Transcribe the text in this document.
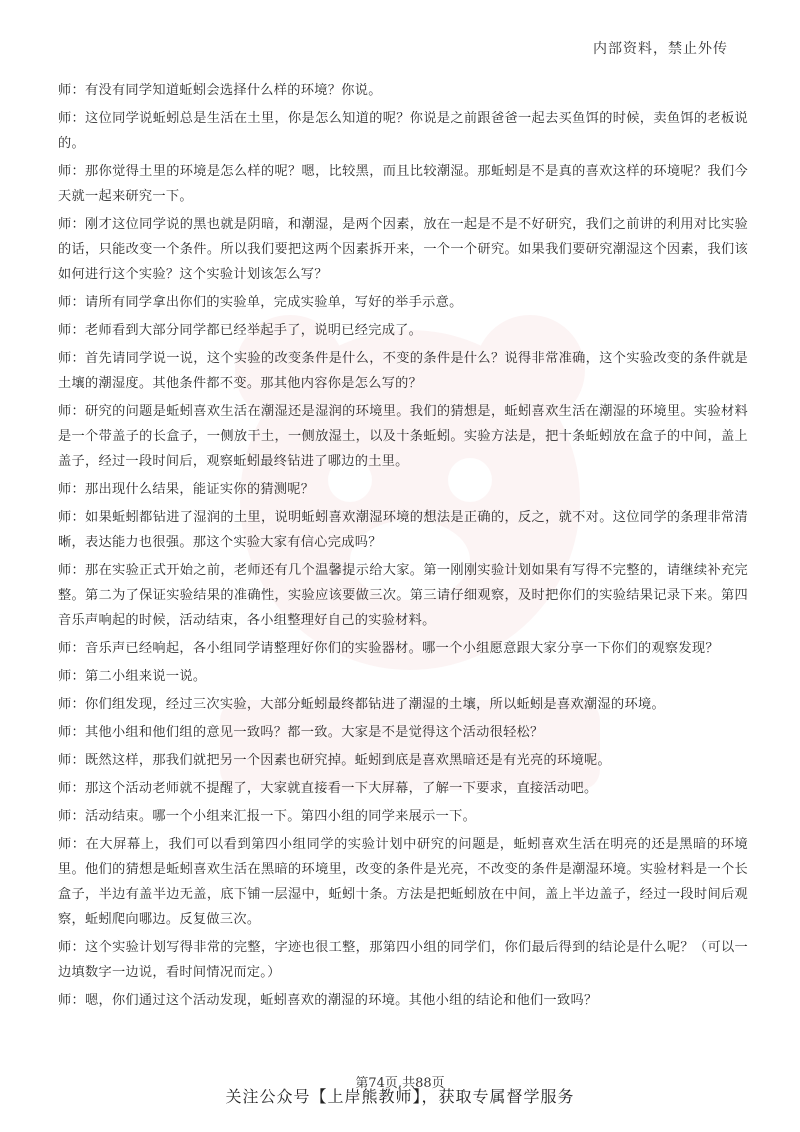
内部资料，禁止外传

师：有没有同学知道蚯蚓会选择什么样的环境？你说。

师：这位同学说蚯蚓总是生活在土里，你是怎么知道的呢？你说是之前跟爸爸一起去买鱼饵的时候，卖鱼饵的老板说的。

师：那你觉得土里的环境是怎么样的呢？嗯，比较黑，而且比较潮湿。那蚯蚓是不是真的喜欢这样的环境呢？我们今天就一起来研究一下。

师：刚才这位同学说的黑也就是阴暗，和潮湿，是两个因素，放在一起是不是不好研究，我们之前讲的利用对比实验的话，只能改变一个条件。所以我们要把这两个因素拆开来，一个一个研究。如果我们要研究潮湿这个因素，我们该如何进行这个实验？这个实验计划该怎么写？

师：请所有同学拿出你们的实验单，完成实验单，写好的举手示意。

师：老师看到大部分同学都已经举起手了，说明已经完成了。

师：首先请同学说一说，这个实验的改变条件是什么，不变的条件是什么？说得非常准确，这个实验改变的条件就是土壤的潮湿度。其他条件都不变。那其他内容你是怎么写的？

师：研究的问题是蚯蚓喜欢生活在潮湿还是湿润的环境里。我们的猜想是，蚯蚓喜欢生活在潮湿的环境里。实验材料是一个带盖子的长盒子，一侧放干土，一侧放湿土，以及十条蚯蚓。实验方法是，把十条蚯蚓放在盒子的中间，盖上盖子，经过一段时间后，观察蚯蚓最终钻进了哪边的土里。

师：那出现什么结果，能证实你的猜测呢？

师：如果蚯蚓都钻进了湿润的土里，说明蚯蚓喜欢潮湿环境的想法是正确的，反之，就不对。这位同学的条理非常清晰，表达能力也很强。那这个实验大家有信心完成吗？

师：那在实验正式开始之前，老师还有几个温馨提示给大家。第一刚刚实验计划如果有写得不完整的，请继续补充完整。第二为了保证实验结果的准确性，实验应该要做三次。第三请仔细观察，及时把你们的实验结果记录下来。第四音乐声响起的时候，活动结束，各小组整理好自己的实验材料。

师：音乐声已经响起，各小组同学请整理好你们的实验器材。哪一个小组愿意跟大家分享一下你们的观察发现？

师：第二小组来说一说。

师：你们组发现，经过三次实验，大部分蚯蚓最终都钻进了潮湿的土壤，所以蚯蚓是喜欢潮湿的环境。

师：其他小组和他们组的意见一致吗？都一致。大家是不是觉得这个活动很轻松？

师：既然这样，那我们就把另一个因素也研究掉。蚯蚓到底是喜欢黑暗还是有光亮的环境呢。

师：那这个活动老师就不提醒了，大家就直接看一下大屏幕，了解一下要求，直接活动吧。

师：活动结束。哪一个小组来汇报一下。第四小组的同学来展示一下。

师：在大屏幕上，我们可以看到第四小组同学的实验计划中研究的问题是，蚯蚓喜欢生活在明亮的还是黑暗的环境里。他们的猜想是蚯蚓喜欢生活在黑暗的环境里，改变的条件是光亮，不改变的条件是潮湿环境。实验材料是一个长盒子，半边有盖半边无盖，底下铺一层湿中，蚯蚓十条。方法是把蚯蚓放在中间，盖上半边盖子，经过一段时间后观察，蚯蚓爬向哪边。反复做三次。

师：这个实验计划写得非常的完整，字迹也很工整，那第四小组的同学们，你们最后得到的结论是什么呢？（可以一边填数字一边说，看时间情况而定。）

师：嗯，你们通过这个活动发现，蚯蚓喜欢的潮湿的环境。其他小组的结论和他们一致吗？

第74页,共88页
关注公众号【上岸熊教师】，获取专属督学服务
